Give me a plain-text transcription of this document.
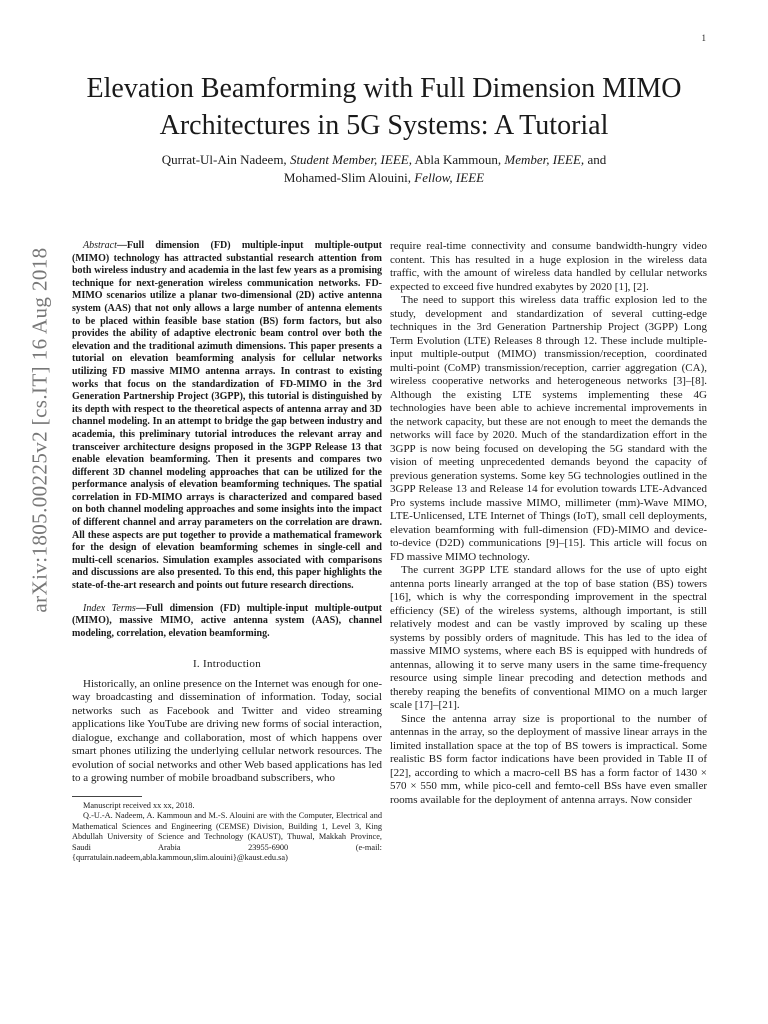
1
arXiv:1805.00225v2 [cs.IT] 16 Aug 2018
Elevation Beamforming with Full Dimension MIMO Architectures in 5G Systems: A Tutorial
Qurrat-Ul-Ain Nadeem, Student Member, IEEE, Abla Kammoun, Member, IEEE, and
Mohamed-Slim Alouini, Fellow, IEEE

Abstract—Full dimension (FD) multiple-input multiple-output (MIMO) technology has attracted substantial research attention from both wireless industry and academia in the last few years as a promising technique for next-generation wireless communication networks. FD-MIMO scenarios utilize a planar two-dimensional (2D) active antenna system (AAS) that not only allows a large number of antenna elements to be placed within feasible base station (BS) form factors, but also provides the ability of adaptive electronic beam control over both the elevation and the traditional azimuth dimensions. This paper presents a tutorial on elevation beamforming analysis for cellular networks utilizing FD massive MIMO antenna arrays. In contrast to existing works that focus on the standardization of FD-MIMO in the 3rd Generation Partnership Project (3GPP), this tutorial is distinguished by its depth with respect to the theoretical aspects of antenna array and 3D channel modeling. In an attempt to bridge the gap between industry and academia, this preliminary tutorial introduces the relevant array and transceiver architecture designs proposed in the 3GPP Release 13 that enable elevation beamforming. Then it presents and compares two different 3D channel modeling approaches that can be utilized for the performance analysis of elevation beamforming techniques. The spatial correlation in FD-MIMO arrays is characterized and compared based on both channel modeling approaches and some insights into the impact of different channel and array parameters on the correlation are drawn. All these aspects are put together to provide a mathematical framework for the design of elevation beamforming schemes in single-cell and multi-cell scenarios. Simulation examples associated with comparisons and discussions are also presented. To this end, this paper highlights the state-of-the-art research and points out future research directions.

Index Terms—Full dimension (FD) multiple-input multiple-output (MIMO), massive MIMO, active antenna system (AAS), channel modeling, correlation, elevation beamforming.

I. Introduction

Historically, an online presence on the Internet was enough for one-way broadcasting and dissemination of information. Today, social networks such as Facebook and Twitter and video streaming applications like YouTube are driving new forms of social interaction, dialogue, exchange and collaboration, most of which happens over smart phones utilizing the underlying cellular network resources. The evolution of social networks and other Web based applications has led to a growing number of mobile broadband subscribers, who

Manuscript received xx xx, 2018.

Q.-U.-A. Nadeem, A. Kammoun and M.-S. Alouini are with the Computer, Electrical and Mathematical Sciences and Engineering (CEMSE) Division, Building 1, Level 3, King Abdullah University of Science and Technology (KAUST), Thuwal, Makkah Province, Saudi Arabia 23955-6900 (e-mail: {qurratulain.nadeem,abla.kammoun,slim.alouini}@kaust.edu.sa)

require real-time connectivity and consume bandwidth-hungry video content. This has resulted in a huge explosion in the wireless data traffic, with the amount of wireless data handled by cellular networks expected to exceed five hundred exabytes by 2020 [1], [2].

The need to support this wireless data traffic explosion led to the study, development and standardization of several cutting-edge techniques in the 3rd Generation Partnership Project (3GPP) Long Term Evolution (LTE) Releases 8 through 12. These include multiple-input multiple-output (MIMO) transmission/reception, coordinated multi-point (CoMP) transmission/reception, carrier aggregation (CA), wireless cooperative networks and heterogeneous networks [3]–[8]. Although the existing LTE systems implementing these 4G technologies have been able to achieve incremental improvements in the network capacity, but these are not enough to meet the demands the networks will face by 2020. Much of the standardization effort in the 3GPP is now being focused on developing the 5G standard with the vision of meeting unprecedented demands beyond the capacity of previous generation systems. Some key 5G technologies outlined in the 3GPP Release 13 and Release 14 for evolution towards LTE-Advanced Pro systems include massive MIMO, millimeter (mm)-Wave MIMO, LTE-Unlicensed, LTE Internet of Things (IoT), small cell deployments, elevation beamforming with full-dimension (FD)-MIMO and device-to-device (D2D) communications [9]–[15]. This article will focus on FD massive MIMO technology.

The current 3GPP LTE standard allows for the use of upto eight antenna ports linearly arranged at the top of base station (BS) towers [16], which is why the corresponding improvement in the spectral efficiency (SE) of the wireless systems, although important, is still relatively modest and can be vastly improved by scaling up these systems by possibly orders of magnitude. This has led to the idea of massive MIMO systems, where each BS is equipped with hundreds of antennas, allowing it to serve many users in the same time-frequency resource using simple linear precoding and detection methods and thereby reaping the benefits of conventional MIMO on a much larger scale [17]–[21].

Since the antenna array size is proportional to the number of antennas in the array, so the deployment of massive linear arrays in the limited installation space at the top of BS towers is impractical. Some realistic BS form factor indications have been provided in Table II of [22], according to which a macro-cell BS has a form factor of 1430 × 570 × 550 mm, while pico-cell and femto-cell BSs have even smaller rooms available for the deployment of antenna arrays. Now consider
